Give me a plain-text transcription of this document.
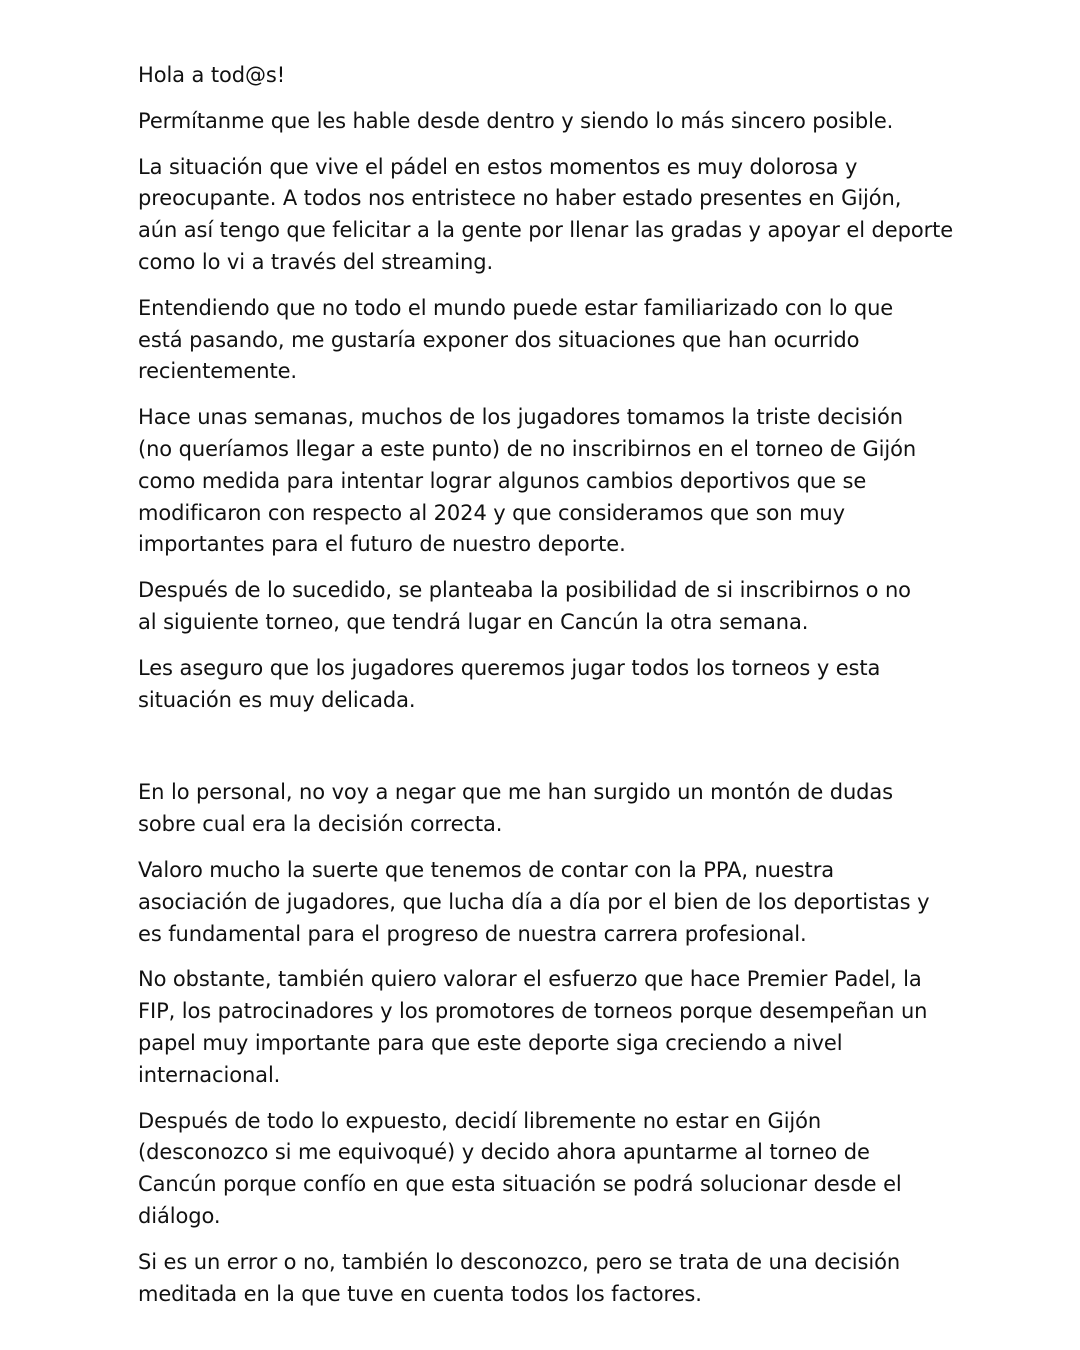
Hola a tod@s!

Permítanme que les hable desde dentro y siendo lo más sincero posible.

La situación que vive el pádel en estos momentos es muy dolorosa y
preocupante. A todos nos entristece no haber estado presentes en Gijón,
aún así tengo que felicitar a la gente por llenar las gradas y apoyar el deporte
como lo vi a través del streaming.

Entendiendo que no todo el mundo puede estar familiarizado con lo que
está pasando, me gustaría exponer dos situaciones que han ocurrido
recientemente.

Hace unas semanas, muchos de los jugadores tomamos la triste decisión
(no queríamos llegar a este punto) de no inscribirnos en el torneo de Gijón
como medida para intentar lograr algunos cambios deportivos que se
modificaron con respecto al 2024 y que consideramos que son muy
importantes para el futuro de nuestro deporte.

Después de lo sucedido, se planteaba la posibilidad de si inscribirnos o no
al siguiente torneo, que tendrá lugar en Cancún la otra semana.

Les aseguro que los jugadores queremos jugar todos los torneos y esta
situación es muy delicada.

En lo personal, no voy a negar que me han surgido un montón de dudas
sobre cual era la decisión correcta.

Valoro mucho la suerte que tenemos de contar con la PPA, nuestra
asociación de jugadores, que lucha día a día por el bien de los deportistas y
es fundamental para el progreso de nuestra carrera profesional.

No obstante, también quiero valorar el esfuerzo que hace Premier Padel, la
FIP, los patrocinadores y los promotores de torneos porque desempeñan un
papel muy importante para que este deporte siga creciendo a nivel
internacional.

Después de todo lo expuesto, decidí libremente no estar en Gijón
(desconozco si me equivoqué) y decido ahora apuntarme al torneo de
Cancún porque confío en que esta situación se podrá solucionar desde el
diálogo.

Si es un error o no, también lo desconozco, pero se trata de una decisión
meditada en la que tuve en cuenta todos los factores.
